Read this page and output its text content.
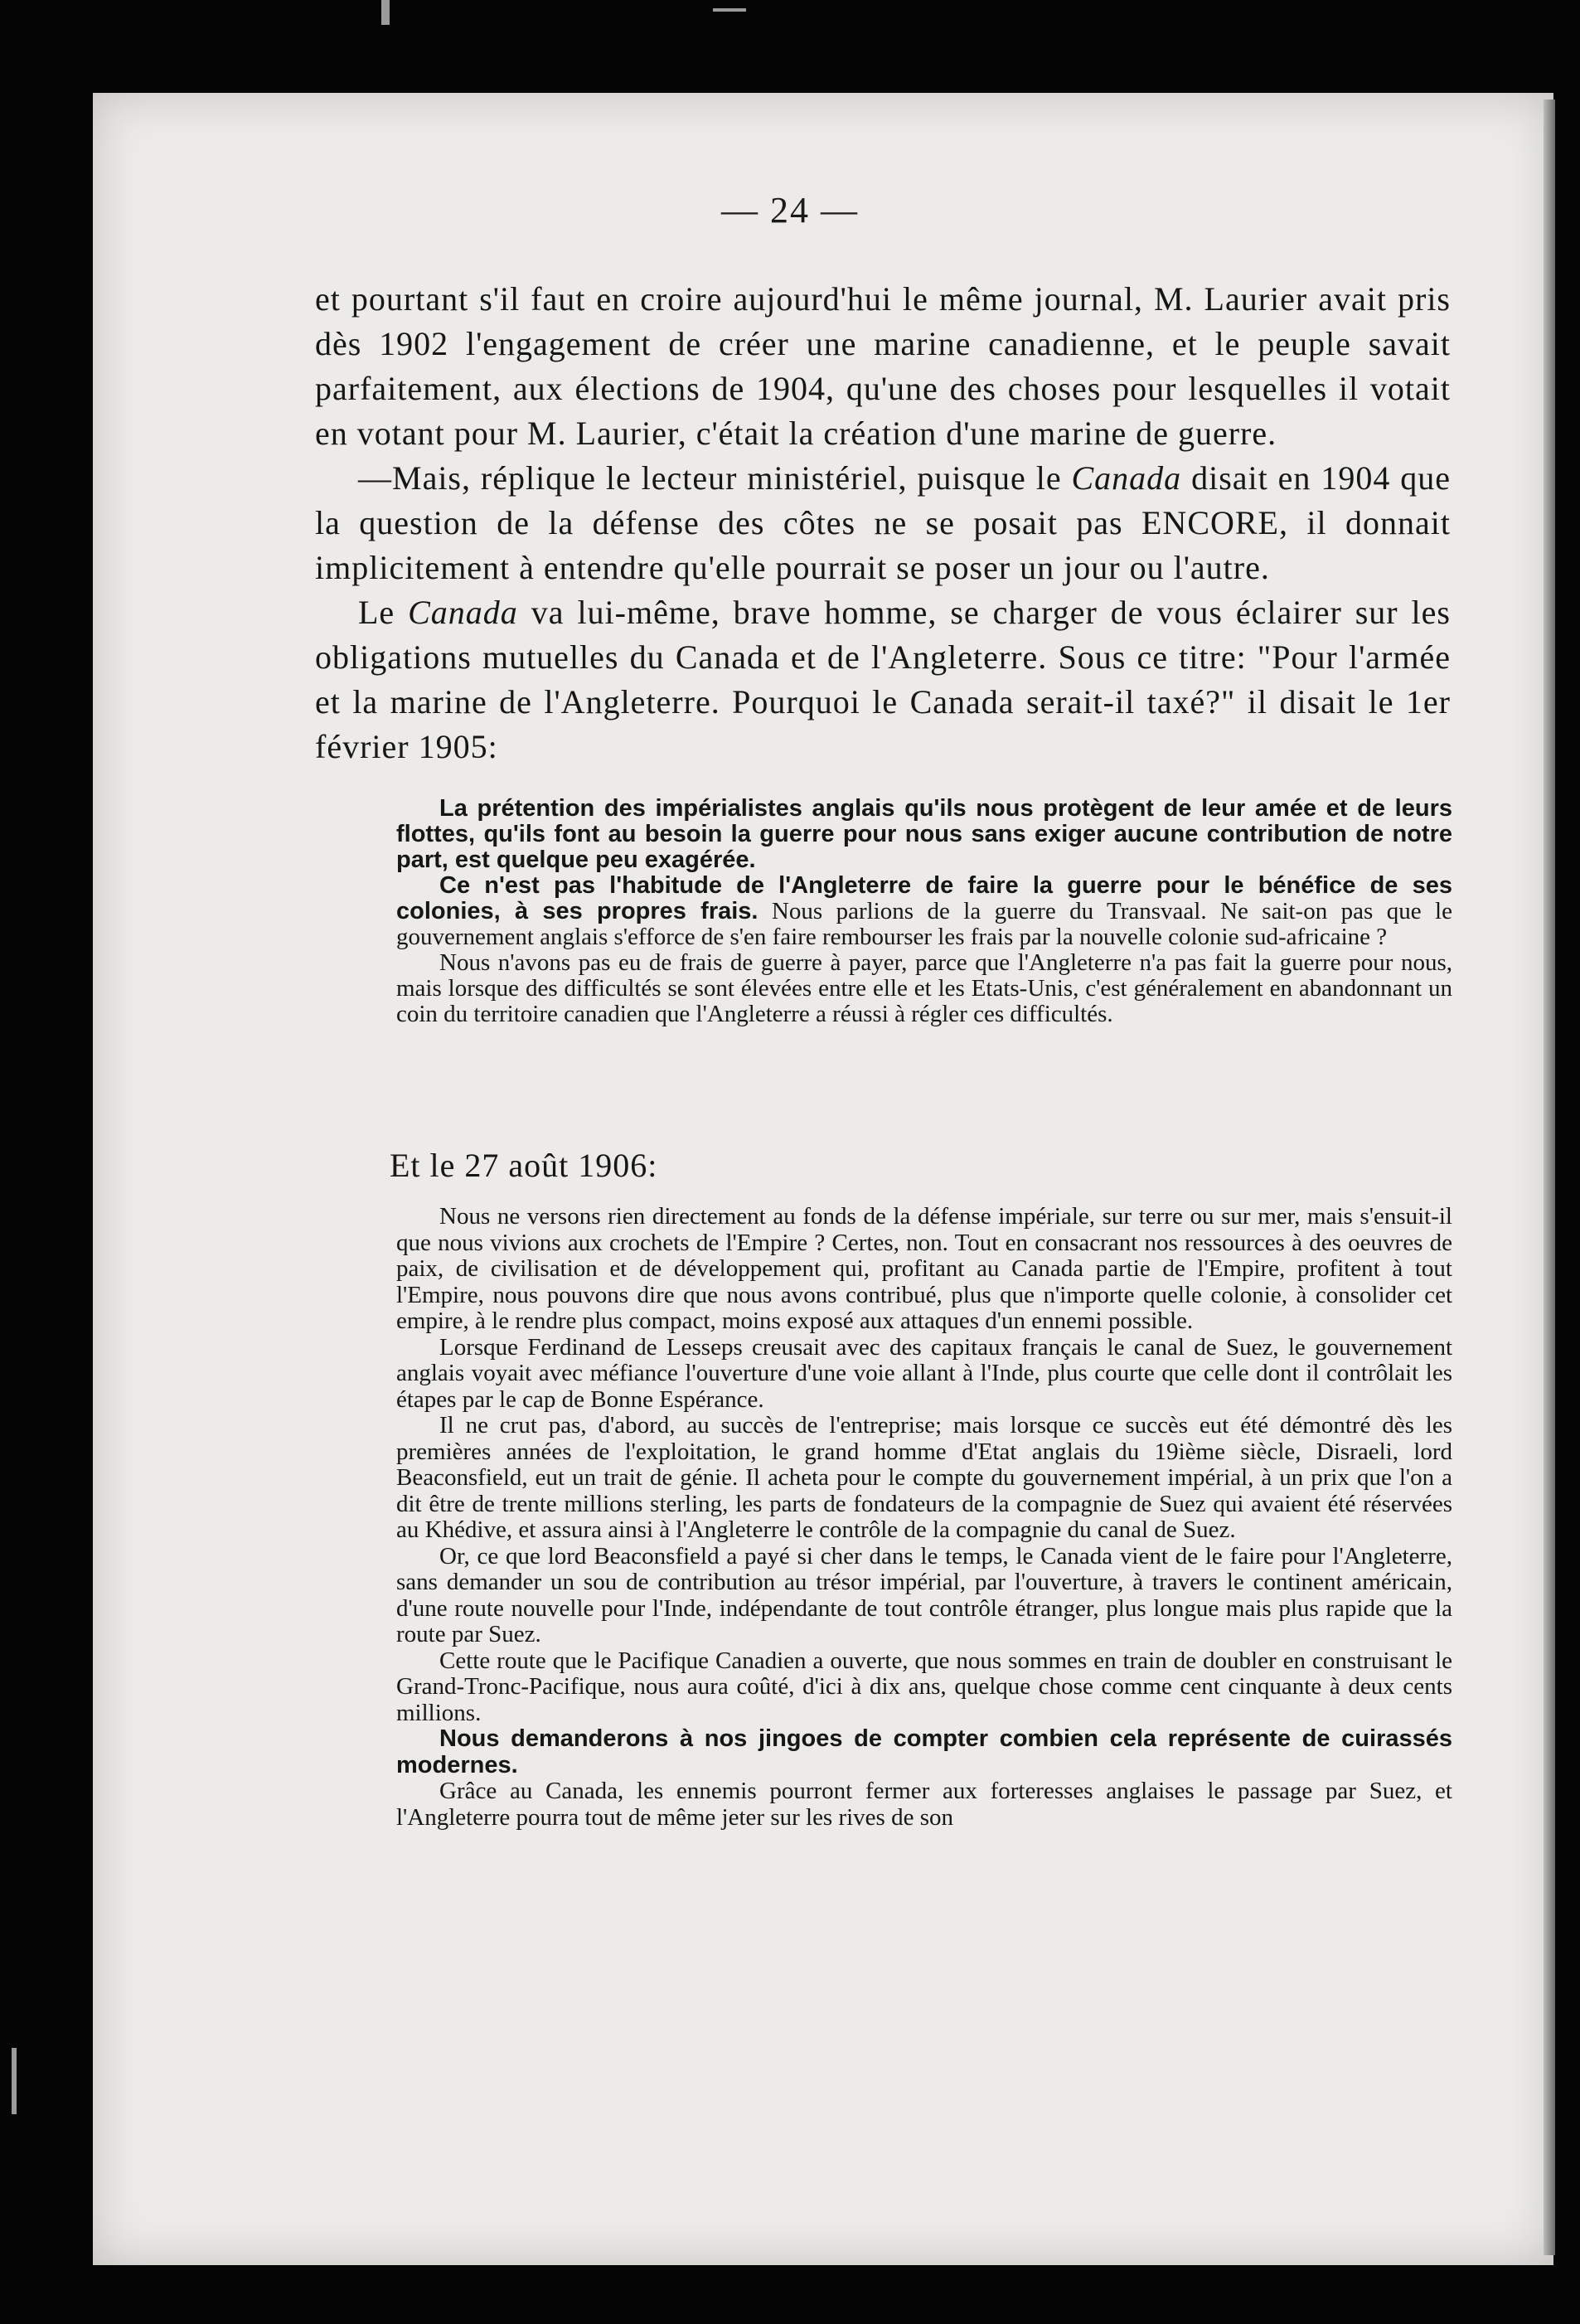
— 24 —

et pourtant s'il faut en croire aujourd'hui le même journal, M. Laurier avait pris dès 1902 l'engagement de créer une marine canadienne, et le peuple savait parfaitement, aux élections de 1904, qu'une des choses pour lesquelles il votait en votant pour M. Laurier, c'était la création d'une marine de guerre.

—Mais, réplique le lecteur ministériel, puisque le Canada disait en 1904 que la question de la défense des côtes ne se posait pas ENCORE, il donnait implicitement à entendre qu'elle pourrait se poser un jour ou l'autre.

Le Canada va lui-même, brave homme, se charger de vous éclairer sur les obligations mutuelles du Canada et de l'Angleterre. Sous ce titre: "Pour l'armée et la marine de l'Angleterre. Pourquoi le Canada serait-il taxé?" il disait le 1er février 1905:

La prétention des impérialistes anglais qu'ils nous protègent de leur amée et de leurs flottes, qu'ils font au besoin la guerre pour nous sans exiger aucune contribution de notre part, est quelque peu exagérée.

Ce n'est pas l'habitude de l'Angleterre de faire la guerre pour le bénéfice de ses colonies, à ses propres frais. Nous parlions de la guerre du Transvaal. Ne sait-on pas que le gouvernement anglais s'efforce de s'en faire rembourser les frais par la nouvelle colonie sud-africaine ?

Nous n'avons pas eu de frais de guerre à payer, parce que l'Angleterre n'a pas fait la guerre pour nous, mais lorsque des difficultés se sont élevées entre elle et les Etats-Unis, c'est généralement en abandonnant un coin du territoire canadien que l'Angleterre a réussi à régler ces difficultés.

Et le 27 août 1906:

Nous ne versons rien directement au fonds de la défense impériale, sur terre ou sur mer, mais s'ensuit-il que nous vivions aux crochets de l'Empire ? Certes, non. Tout en consacrant nos ressources à des oeuvres de paix, de civilisation et de développement qui, profitant au Canada partie de l'Empire, profitent à tout l'Empire, nous pouvons dire que nous avons contribué, plus que n'importe quelle colonie, à consolider cet empire, à le rendre plus compact, moins exposé aux attaques d'un ennemi possible.

Lorsque Ferdinand de Lesseps creusait avec des capitaux français le canal de Suez, le gouvernement anglais voyait avec méfiance l'ouverture d'une voie allant à l'Inde, plus courte que celle dont il contrôlait les étapes par le cap de Bonne Espérance.

Il ne crut pas, d'abord, au succès de l'entreprise; mais lorsque ce succès eut été démontré dès les premières années de l'exploitation, le grand homme d'Etat anglais du 19ième siècle, Disraeli, lord Beaconsfield, eut un trait de génie. Il acheta pour le compte du gouvernement impérial, à un prix que l'on a dit être de trente millions sterling, les parts de fondateurs de la compagnie de Suez qui avaient été réservées au Khédive, et assura ainsi à l'Angleterre le contrôle de la compagnie du canal de Suez.

Or, ce que lord Beaconsfield a payé si cher dans le temps, le Canada vient de le faire pour l'Angleterre, sans demander un sou de contribution au trésor impérial, par l'ouverture, à travers le continent américain, d'une route nouvelle pour l'Inde, indépendante de tout contrôle étranger, plus longue mais plus rapide que la route par Suez.

Cette route que le Pacifique Canadien a ouverte, que nous sommes en train de doubler en construisant le Grand-Tronc-Pacifique, nous aura coûté, d'ici à dix ans, quelque chose comme cent cinquante à deux cents millions.

Nous demanderons à nos jingoes de compter combien cela représente de cuirassés modernes.

Grâce au Canada, les ennemis pourront fermer aux forteresses anglaises le passage par Suez, et l'Angleterre pourra tout de même jeter sur les rives de son
